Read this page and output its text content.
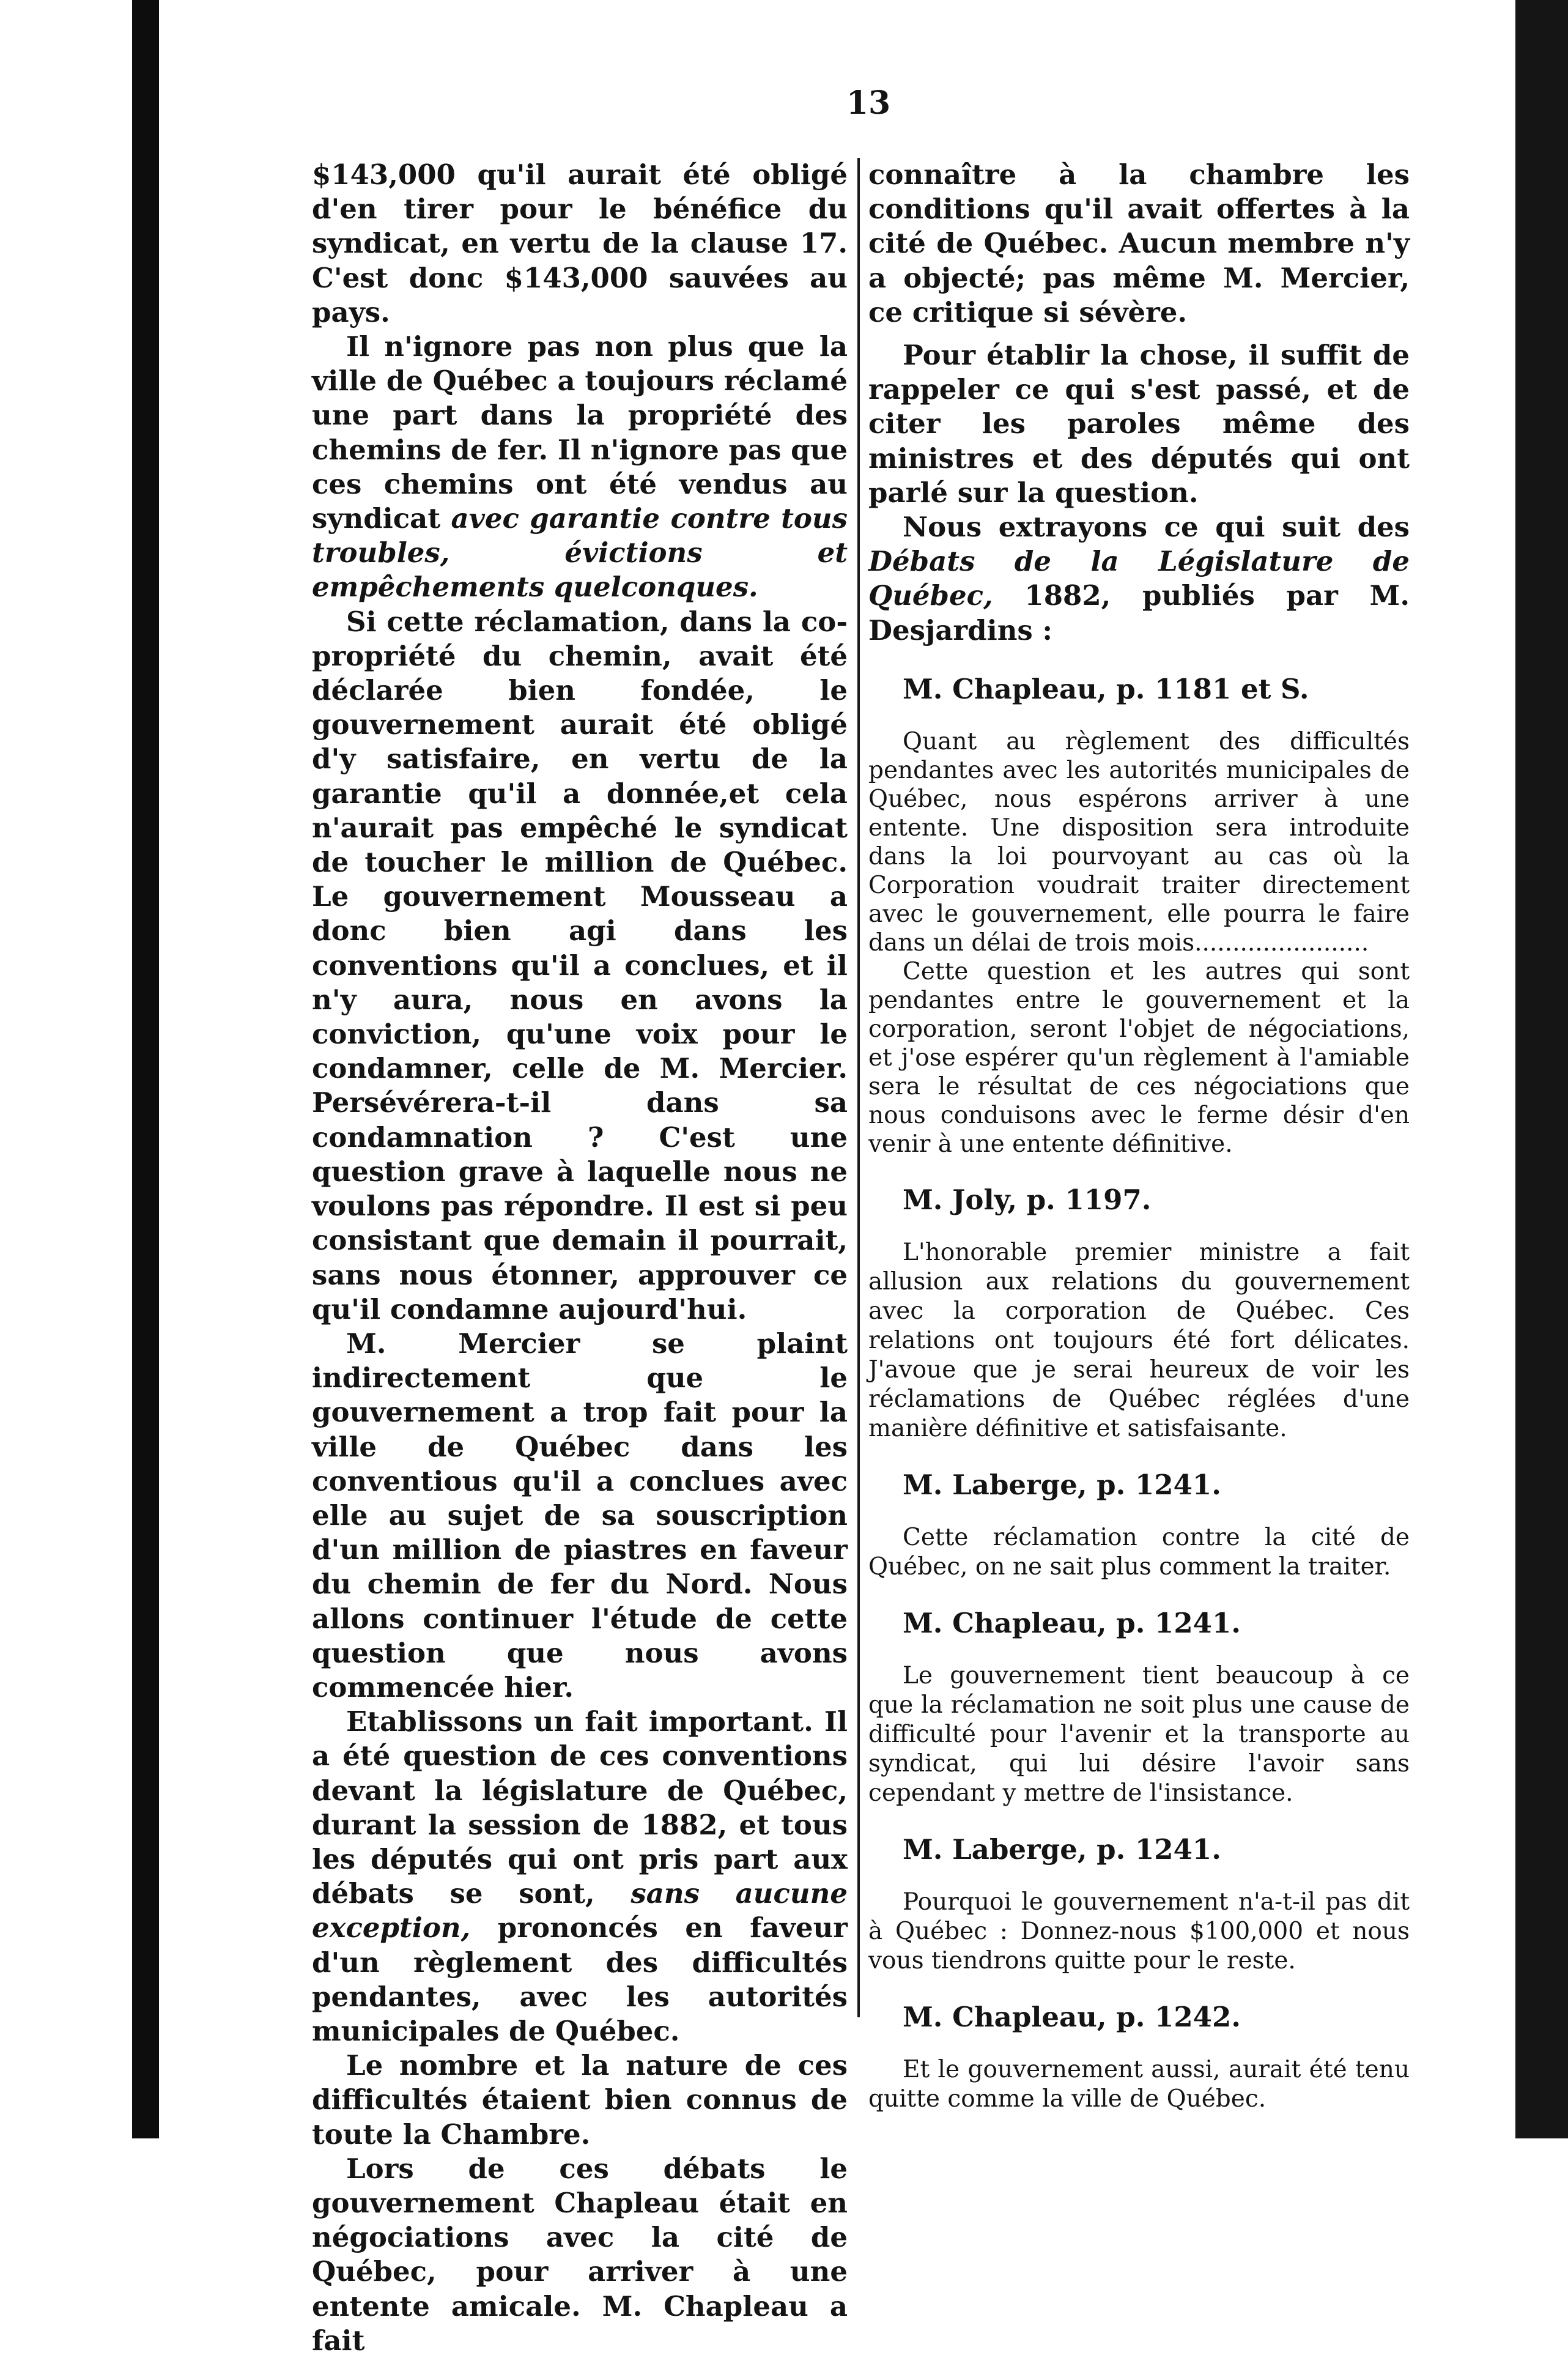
13

$143,000 qu'il aurait été obligé d'en tirer pour le bénéfice du syndicat, en vertu de la clause 17. C'est donc $143,000 sauvées au pays.

Il n'ignore pas non plus que la ville de Québec a toujours réclamé une part dans la propriété des chemins de fer. Il n'ignore pas que ces chemins ont été vendus au syndicat avec garantie contre tous troubles, évictions et empêchements quelconques.

Si cette réclamation, dans la co-propriété du chemin, avait été déclarée bien fondée, le gouvernement aurait été obligé d'y satisfaire, en vertu de la garantie qu'il a donnée,et cela n'aurait pas empêché le syndicat de toucher le million de Québec. Le gouvernement Mousseau a donc bien agi dans les conventions qu'il a conclues, et il n'y aura, nous en avons la conviction, qu'une voix pour le condamner, celle de M. Mercier. Persévérera-t-il dans sa condamnation ? C'est une question grave à laquelle nous ne voulons pas répondre. Il est si peu consistant que demain il pourrait, sans nous étonner, approuver ce qu'il condamne aujourd'hui.

M. Mercier se plaint indirectement que le gouvernement a trop fait pour la ville de Québec dans les conventious qu'il a conclues avec elle au sujet de sa souscription d'un million de piastres en faveur du chemin de fer du Nord. Nous allons continuer l'étude de cette question que nous avons commencée hier.

Etablissons un fait important. Il a été question de ces conventions devant la législature de Québec, durant la session de 1882, et tous les députés qui ont pris part aux débats se sont, sans aucune exception, prononcés en faveur d'un règlement des difficultés pendantes, avec les autorités municipales de Québec.

Le nombre et la nature de ces difficultés étaient bien connus de toute la Chambre.

Lors de ces débats le gouvernement Chapleau était en négociations avec la cité de Québec, pour arriver à une entente amicale. M. Chapleau a fait

connaître à la chambre les conditions qu'il avait offertes à la cité de Québec. Aucun membre n'y a objecté; pas même M. Mercier, ce critique si sévère.

Pour établir la chose, il suffit de rappeler ce qui s'est passé, et de citer les paroles même des ministres et des députés qui ont parlé sur la question.

Nous extrayons ce qui suit des Débats de la Législature de Québec, 1882, publiés par M. Desjardins :

M. Chapleau, p. 1181 et S.

Quant au règlement des difficultés pendantes avec les autorités municipales de Québec, nous espérons arriver à une entente. Une disposition sera introduite dans la loi pourvoyant au cas où la Corporation voudrait traiter directement avec le gouvernement, elle pourra le faire dans un délai de trois mois.......................

Cette question et les autres qui sont pendantes entre le gouvernement et la corporation, seront l'objet de négociations, et j'ose espérer qu'un règlement à l'amiable sera le résultat de ces négociations que nous conduisons avec le ferme désir d'en venir à une entente définitive.

M. Joly, p. 1197.

L'honorable premier ministre a fait allusion aux relations du gouvernement avec la corporation de Québec. Ces relations ont toujours été fort délicates. J'avoue que je serai heureux de voir les réclamations de Québec réglées d'une manière définitive et satisfaisante.

M. Laberge, p. 1241.

Cette réclamation contre la cité de Québec, on ne sait plus comment la traiter.

M. Chapleau, p. 1241.

Le gouvernement tient beaucoup à ce que la réclamation ne soit plus une cause de difficulté pour l'avenir et la transporte au syndicat, qui lui désire l'avoir sans cependant y mettre de l'insistance.

M. Laberge, p. 1241.

Pourquoi le gouvernement n'a-t-il pas dit à Québec : Donnez-nous $100,000 et nous vous tiendrons quitte pour le reste.

M. Chapleau, p. 1242.

Et le gouvernement aussi, aurait été tenu quitte comme la ville de Québec.
